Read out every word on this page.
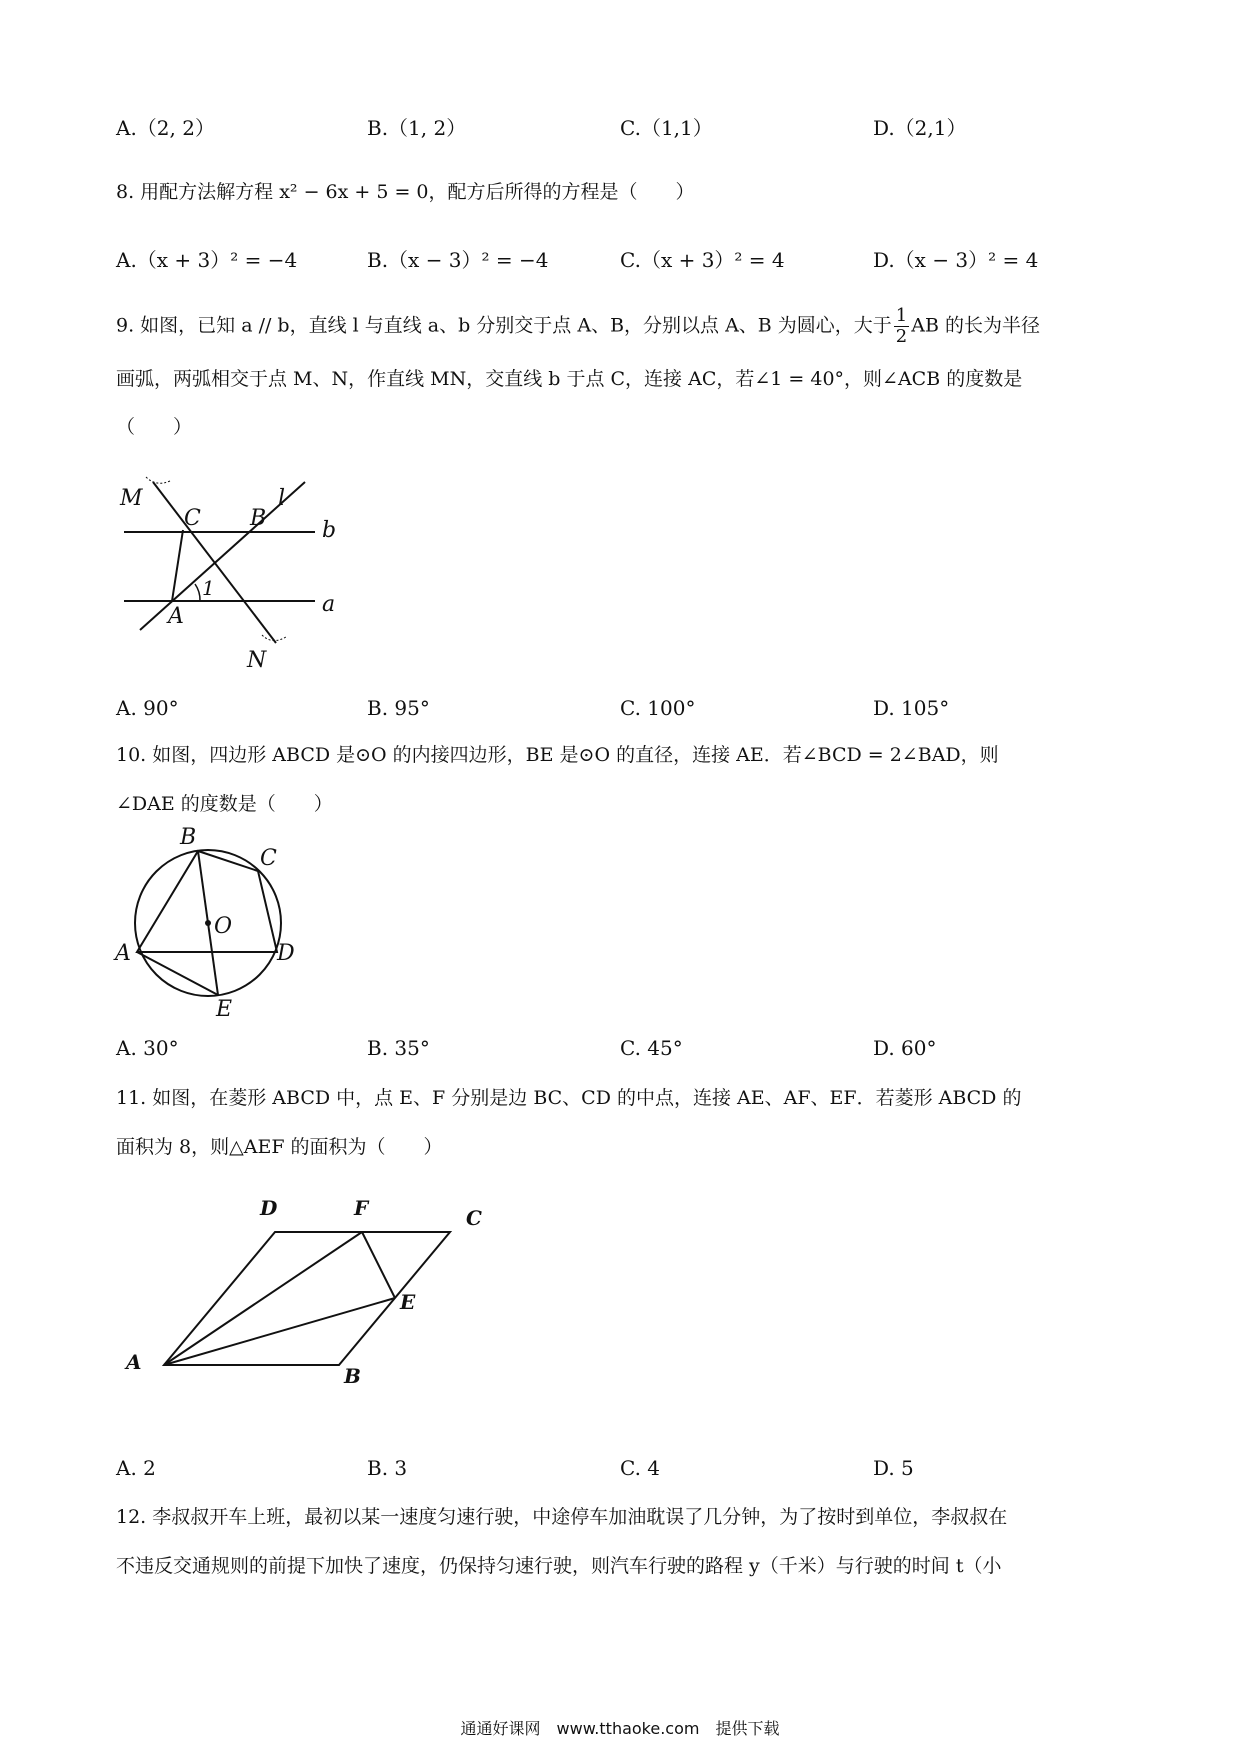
A.（2, 2）	B.（1, 2）	C.（1,1）	D.（2,1）
8. 用配方法解方程 x² − 6x + 5 = 0，配方后所得的方程是（　　）
A.（x + 3）² = −4	B.（x − 3）² = −4	C.（x + 3）² = 4	D.（x − 3）² = 4
9. 如图，已知 a // b，直线 l 与直线 a、b 分别交于点 A、B，分别以点 A、B 为圆心，大于 $\frac{1}{2}$ AB 的长为半径
画弧，两弧相交于点 M、N，作直线 MN，交直线 b 于点 C，连接 AC，若∠1 = 40°，则∠ACB 的度数是
（　　）
M
C B
l
b
1
A	a
N
A. 90°	B. 95°	C. 100°	D. 105°
10. 如图，四边形 ABCD 是⊙O 的内接四边形，BE 是⊙O 的直径，连接 AE．若∠BCD = 2∠BAD，则
∠DAE 的度数是（　　）
B
C
O
A	D
E
A. 30°	B. 35°	C. 45°	D. 60°
11. 如图，在菱形 ABCD 中，点 E、F 分别是边 BC、CD 的中点，连接 AE、AF、EF．若菱形 ABCD 的
面积为 8，则△AEF 的面积为（　　）
D	F	C
E
A
B
A. 2	B. 3	C. 4	D. 5
12. 李叔叔开车上班，最初以某一速度匀速行驶，中途停车加油耽误了几分钟，为了按时到单位，李叔叔在
不违反交通规则的前提下加快了速度，仍保持匀速行驶，则汽车行驶的路程 y（千米）与行驶的时间 t（小
通通好课网　www.tthaoke.com　提供下载
